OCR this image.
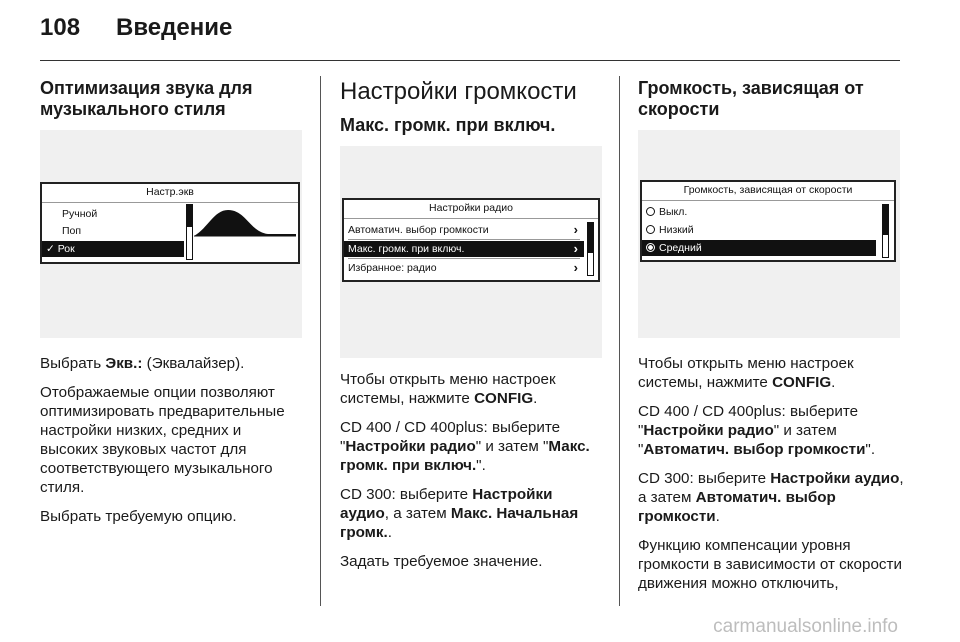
108 Введение
Оптимизация звука для музыкального стиля
Настр.экв
Ручной
Поп
✓ Рок

Выбрать Экв.: (Эквалайзер).

Отображаемые опции позволяют оптимизировать предварительные настройки низких, средних и высоких звуковых частот для соответствующего музыкального стиля.

Выбрать требуемую опцию.

Настройки громкости
Макс. громк. при включ.
Настройки радио
Автоматич. выбор громкости	›
Макс. громк. при включ.	›
Избранное: радио	›

Чтобы открыть меню настроек системы, нажмите CONFIG.

CD 400 / CD 400plus: выберите "Настройки радио" и затем "Макс. громк. при включ.".

CD 300: выберите Настройки аудио, а затем Макс. Начальная громк..

Задать требуемое значение.

Громкость, зависящая от скорости
Громкость, зависящая от скорости
Выкл.
Низкий
Средний

Чтобы открыть меню настроек системы, нажмите CONFIG.

CD 400 / CD 400plus: выберите "Настройки радио" и затем "Автоматич. выбор громкости".

CD 300: выберите Настройки аудио, а затем Автоматич. выбор громкости.

Функцию компенсации уровня громкости в зависимости от скорости движения можно отключить,

carmanualsonline.info
